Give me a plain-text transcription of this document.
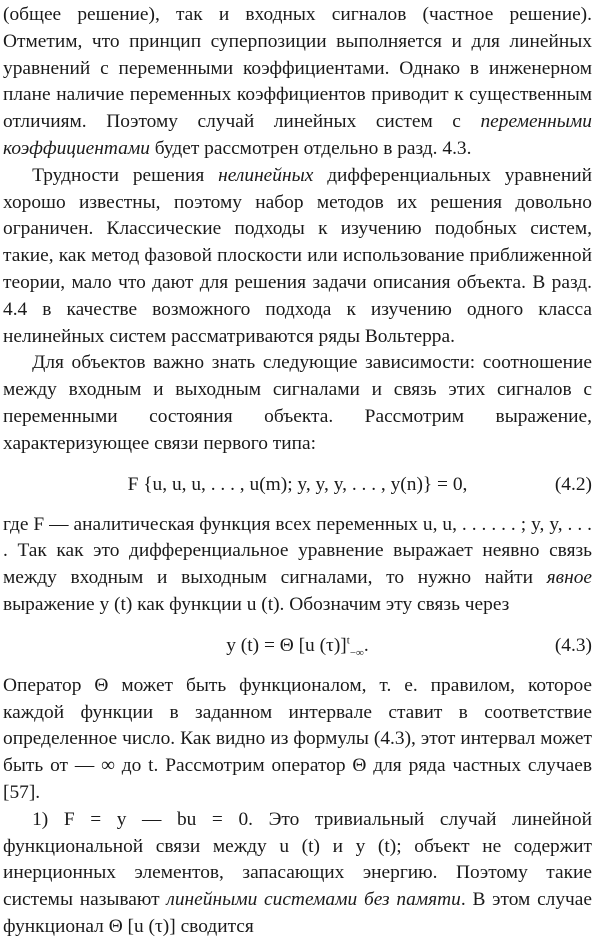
(общее решение), так и входных сигналов (частное решение). Отметим, что принцип суперпозиции выполняется и для линейных уравнений с переменными коэффициентами. Однако в инженерном плане наличие переменных коэффициентов приводит к существенным отличиям. Поэтому случай линейных систем с переменными коэффициентами будет рассмотрен отдельно в разд. 4.3.

Трудности решения нелинейных дифференциальных уравнений хорошо известны, поэтому набор методов их решения довольно ограничен. Классические подходы к изучению подобных систем, такие, как метод фазовой плоскости или использование приближенной теории, мало что дают для решения задачи описания объекта. В разд. 4.4 в качестве возможного подхода к изучению одного класса нелинейных систем рассматриваются ряды Вольтерра.

Для объектов важно знать следующие зависимости: соотношение между входным и выходным сигналами и связь этих сигналов с переменными состояния объекта. Рассмотрим выражение, характеризующее связи первого типа:

F {u, u, u, . . . , u(m); y, y, y, . . . , y(n)} = 0,	(4.2)

где F — аналитическая функция всех переменных u, u, . . . . . . ; y, y, . . . . Так как это дифференциальное уравнение выражает неявно связь между входным и выходным сигналами, то нужно найти явное выражение y (t) как функции u (t). Обозначим эту связь через

y (t) = Θ [u (τ)]$^t_{-\infty}$.	(4.3)

Оператор Θ может быть функционалом, т. е. правилом, которое каждой функции в заданном интервале ставит в соответствие определенное число. Как видно из формулы (4.3), этот интервал может быть от — ∞ до t. Рассмотрим оператор Θ для ряда частных случаев [57].

1) F = y — bu = 0. Это тривиальный случай линейной функциональной связи между u (t) и y (t); объект не содержит инерционных элементов, запасающих энергию. Поэтому такие системы называют линейными системами без памяти. В этом случае функционал Θ [u (τ)] сводится
